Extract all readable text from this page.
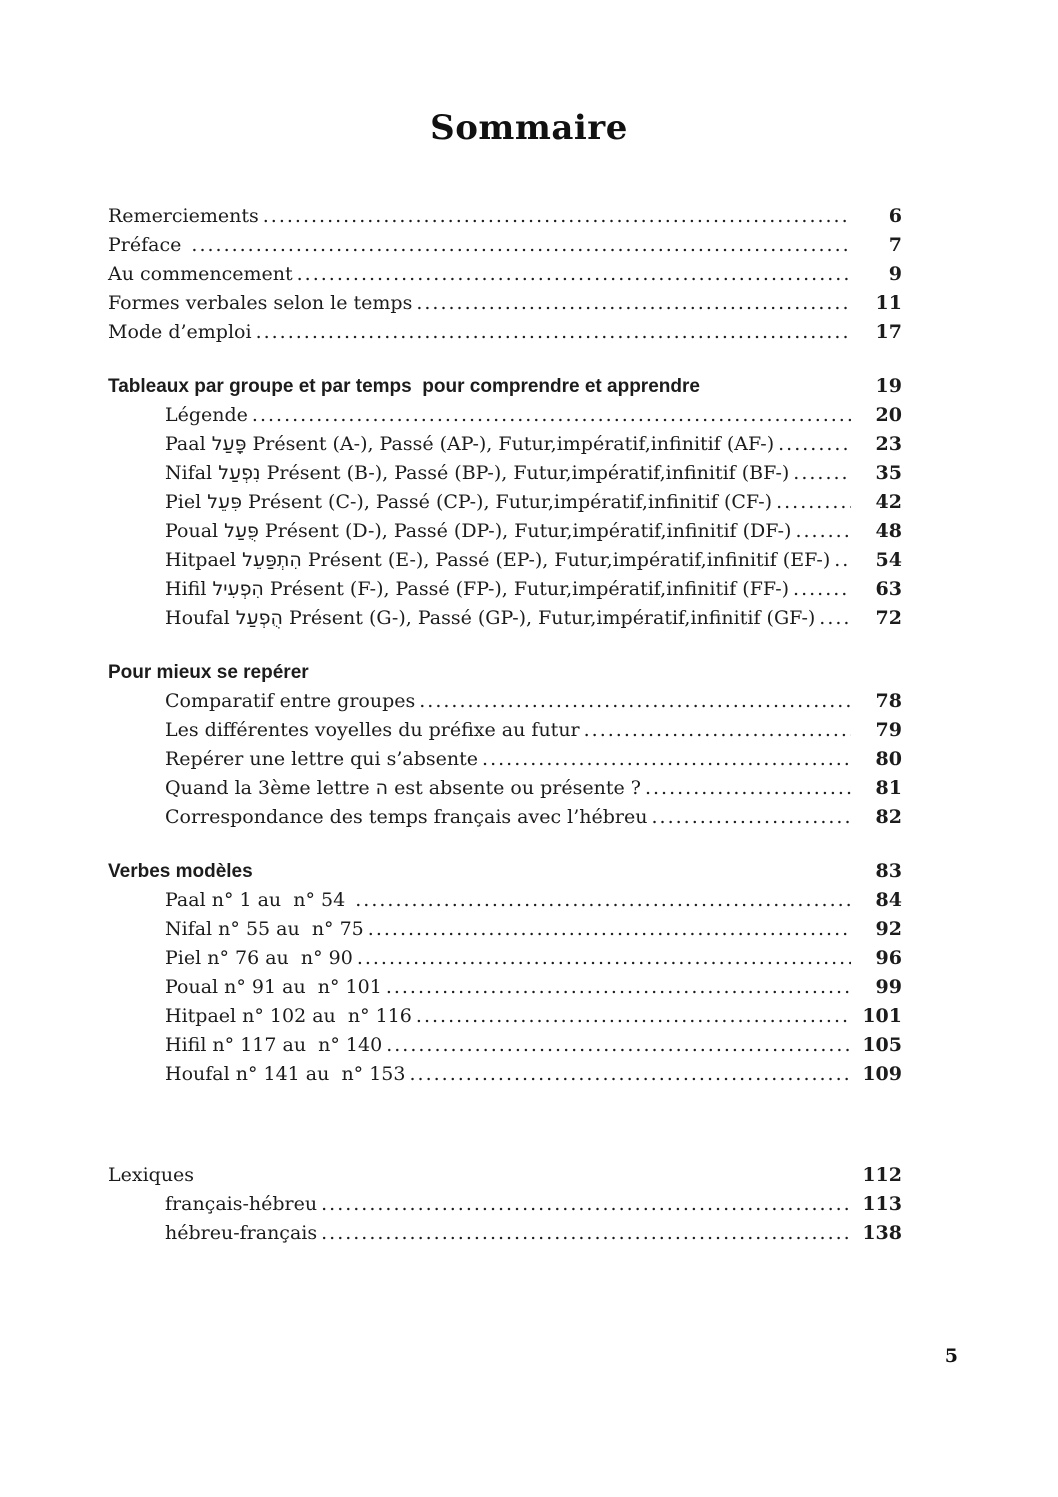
Sommaire
Remerciements .....	6
Préface .....	7
Au commencement .....	9
Formes verbales selon le temps .....	11
Mode d’emploi .....	17
Tableaux par groupe et par temps  pour comprendre et apprendre	19
Légende .....	20
Paal פָּעַל Présent (A-), Passé (AP-), Futur,impératif,infinitif (AF-) .....	23
Nifal נִפְעַל Présent (B-), Passé (BP-), Futur,impératif,infinitif (BF-) .....	35
Piel פִּעֵל Présent (C-), Passé (CP-), Futur,impératif,infinitif (CF-) .....	42
Poual פֻּעַל Présent (D-), Passé (DP-), Futur,impératif,infinitif (DF-) .....	48
Hitpael הִתְפַּעֵל Présent (E-), Passé (EP-), Futur,impératif,infinitif (EF-) .....	54
Hifil הִפְעִיל Présent (F-), Passé (FP-), Futur,impératif,infinitif (FF-) .....	63
Houfal הֻפְעַל Présent (G-), Passé (GP-), Futur,impératif,infinitif (GF-) .....	72
Pour mieux se repérer
Comparatif entre groupes .....	78
Les différentes voyelles du préfixe au futur .....	79
Repérer une lettre qui s’absente .....	80
Quand la 3ème lettre ה est absente ou présente ? .....	81
Correspondance des temps français avec l’hébreu .....	82
Verbes modèles	83
Paal n° 1 au  n° 54 .....	84
Nifal n° 55 au  n° 75 .....	92
Piel n° 76 au  n° 90 .....	96
Poual n° 91 au  n° 101 .....	99
Hitpael n° 102 au  n° 116 .....	101
Hifil n° 117 au  n° 140 .....	105
Houfal n° 141 au  n° 153 .....	109
Lexiques	112
français-hébreu .....	113
hébreu-français .....	138
5
